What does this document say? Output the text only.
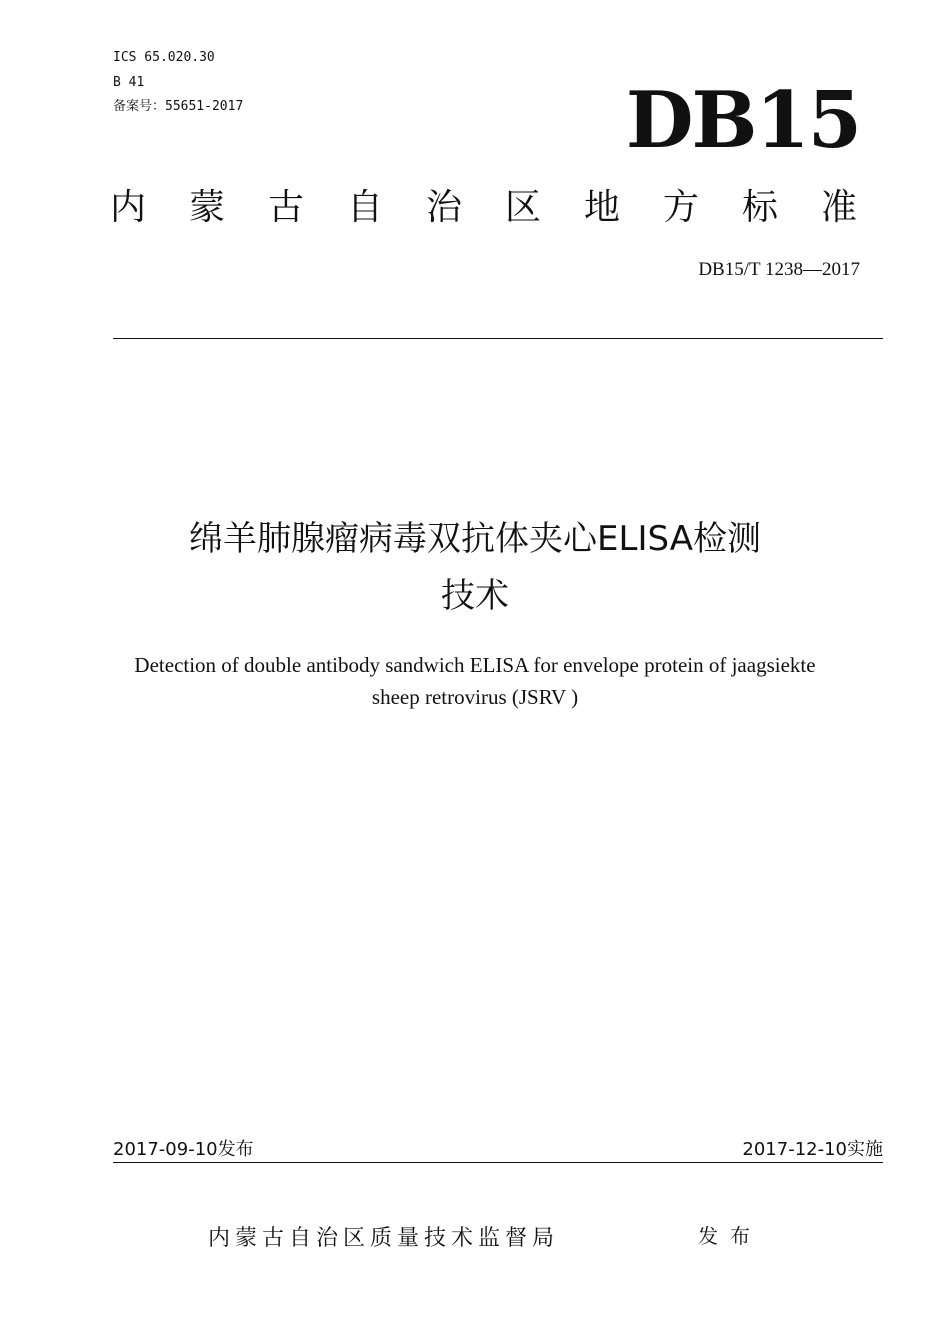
ICS 65.020.30
B 41
备案号：55651-2017	DB15
内蒙古自治区地方标准
DB15/T 1238—2017
绵羊肺腺瘤病毒双抗体夹心ELISA检测
技术
Detection of double antibody sandwich ELISA for envelope protein of jaagsiekte
sheep retrovirus (JSRV )
2017-09-10发布	2017-12-10实施
内蒙古自治区质量技术监督局	发布
